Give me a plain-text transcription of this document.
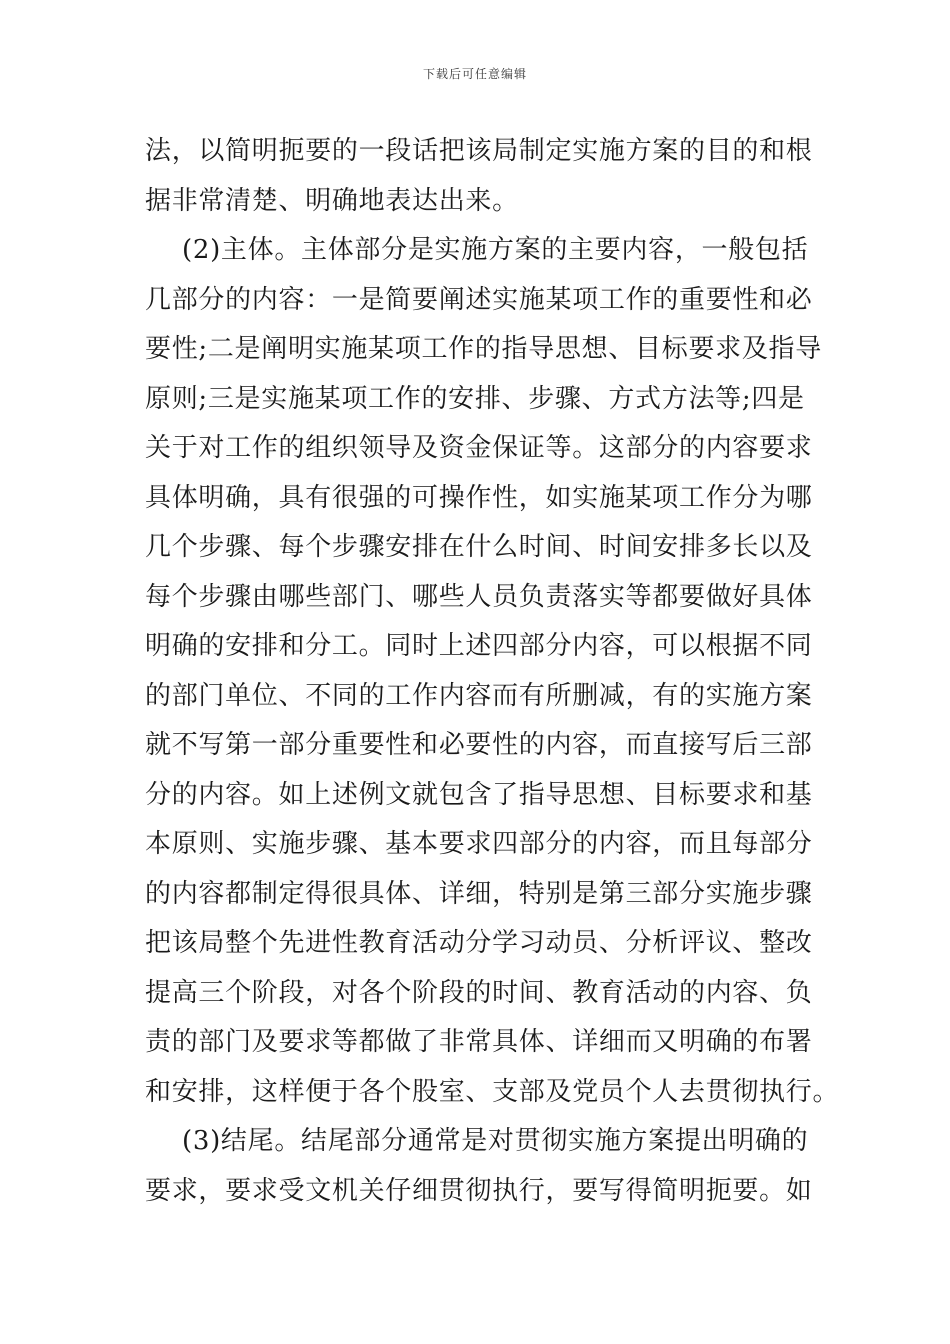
下载后可任意编辑
法，以简明扼要的一段话把该局制定实施方案的目的和根
据非常清楚、明确地表达出来。
(2)主体。主体部分是实施方案的主要内容，一般包括
几部分的内容：一是简要阐述实施某项工作的重要性和必
要性;二是阐明实施某项工作的指导思想、目标要求及指导
原则;三是实施某项工作的安排、步骤、方式方法等;四是
关于对工作的组织领导及资金保证等。这部分的内容要求
具体明确，具有很强的可操作性，如实施某项工作分为哪
几个步骤、每个步骤安排在什么时间、时间安排多长以及
每个步骤由哪些部门、哪些人员负责落实等都要做好具体
明确的安排和分工。同时上述四部分内容，可以根据不同
的部门单位、不同的工作内容而有所删减，有的实施方案
就不写第一部分重要性和必要性的内容，而直接写后三部
分的内容。如上述例文就包含了指导思想、目标要求和基
本原则、实施步骤、基本要求四部分的内容，而且每部分
的内容都制定得很具体、详细，特别是第三部分实施步骤
把该局整个先进性教育活动分学习动员、分析评议、整改
提高三个阶段，对各个阶段的时间、教育活动的内容、负
责的部门及要求等都做了非常具体、详细而又明确的布署
和安排，这样便于各个股室、支部及党员个人去贯彻执行。
(3)结尾。结尾部分通常是对贯彻实施方案提出明确的
要求，要求受文机关仔细贯彻执行，要写得简明扼要。如
